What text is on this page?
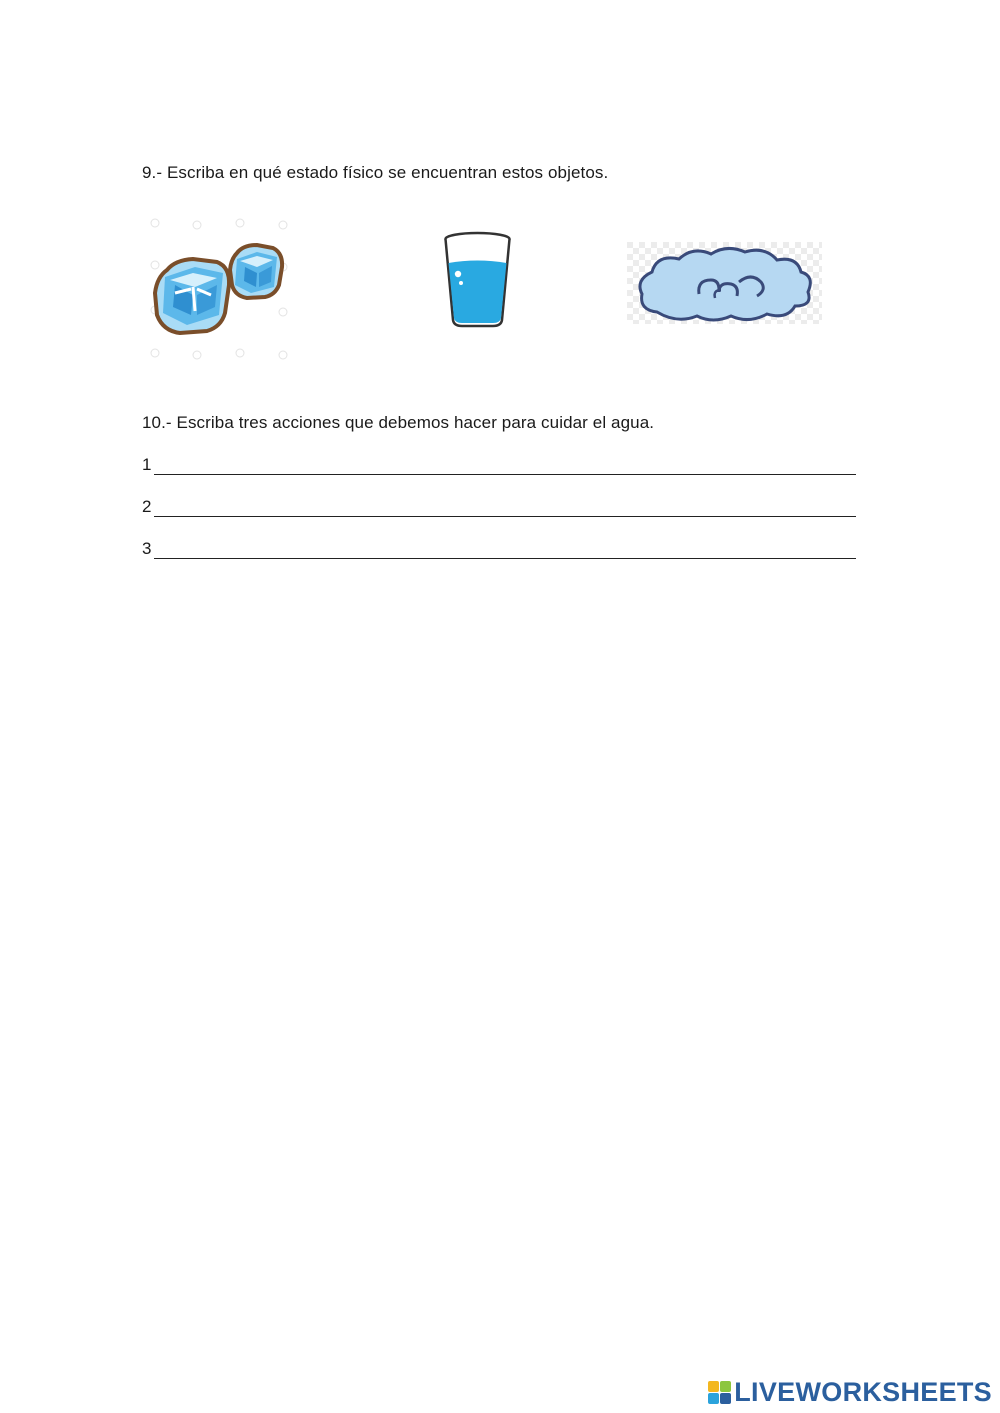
9.- Escriba en qué estado físico se encuentran estos objetos.
10.- Escriba tres acciones que debemos hacer para cuidar el agua.
1
2
3
LIVEWORKSHEETS
